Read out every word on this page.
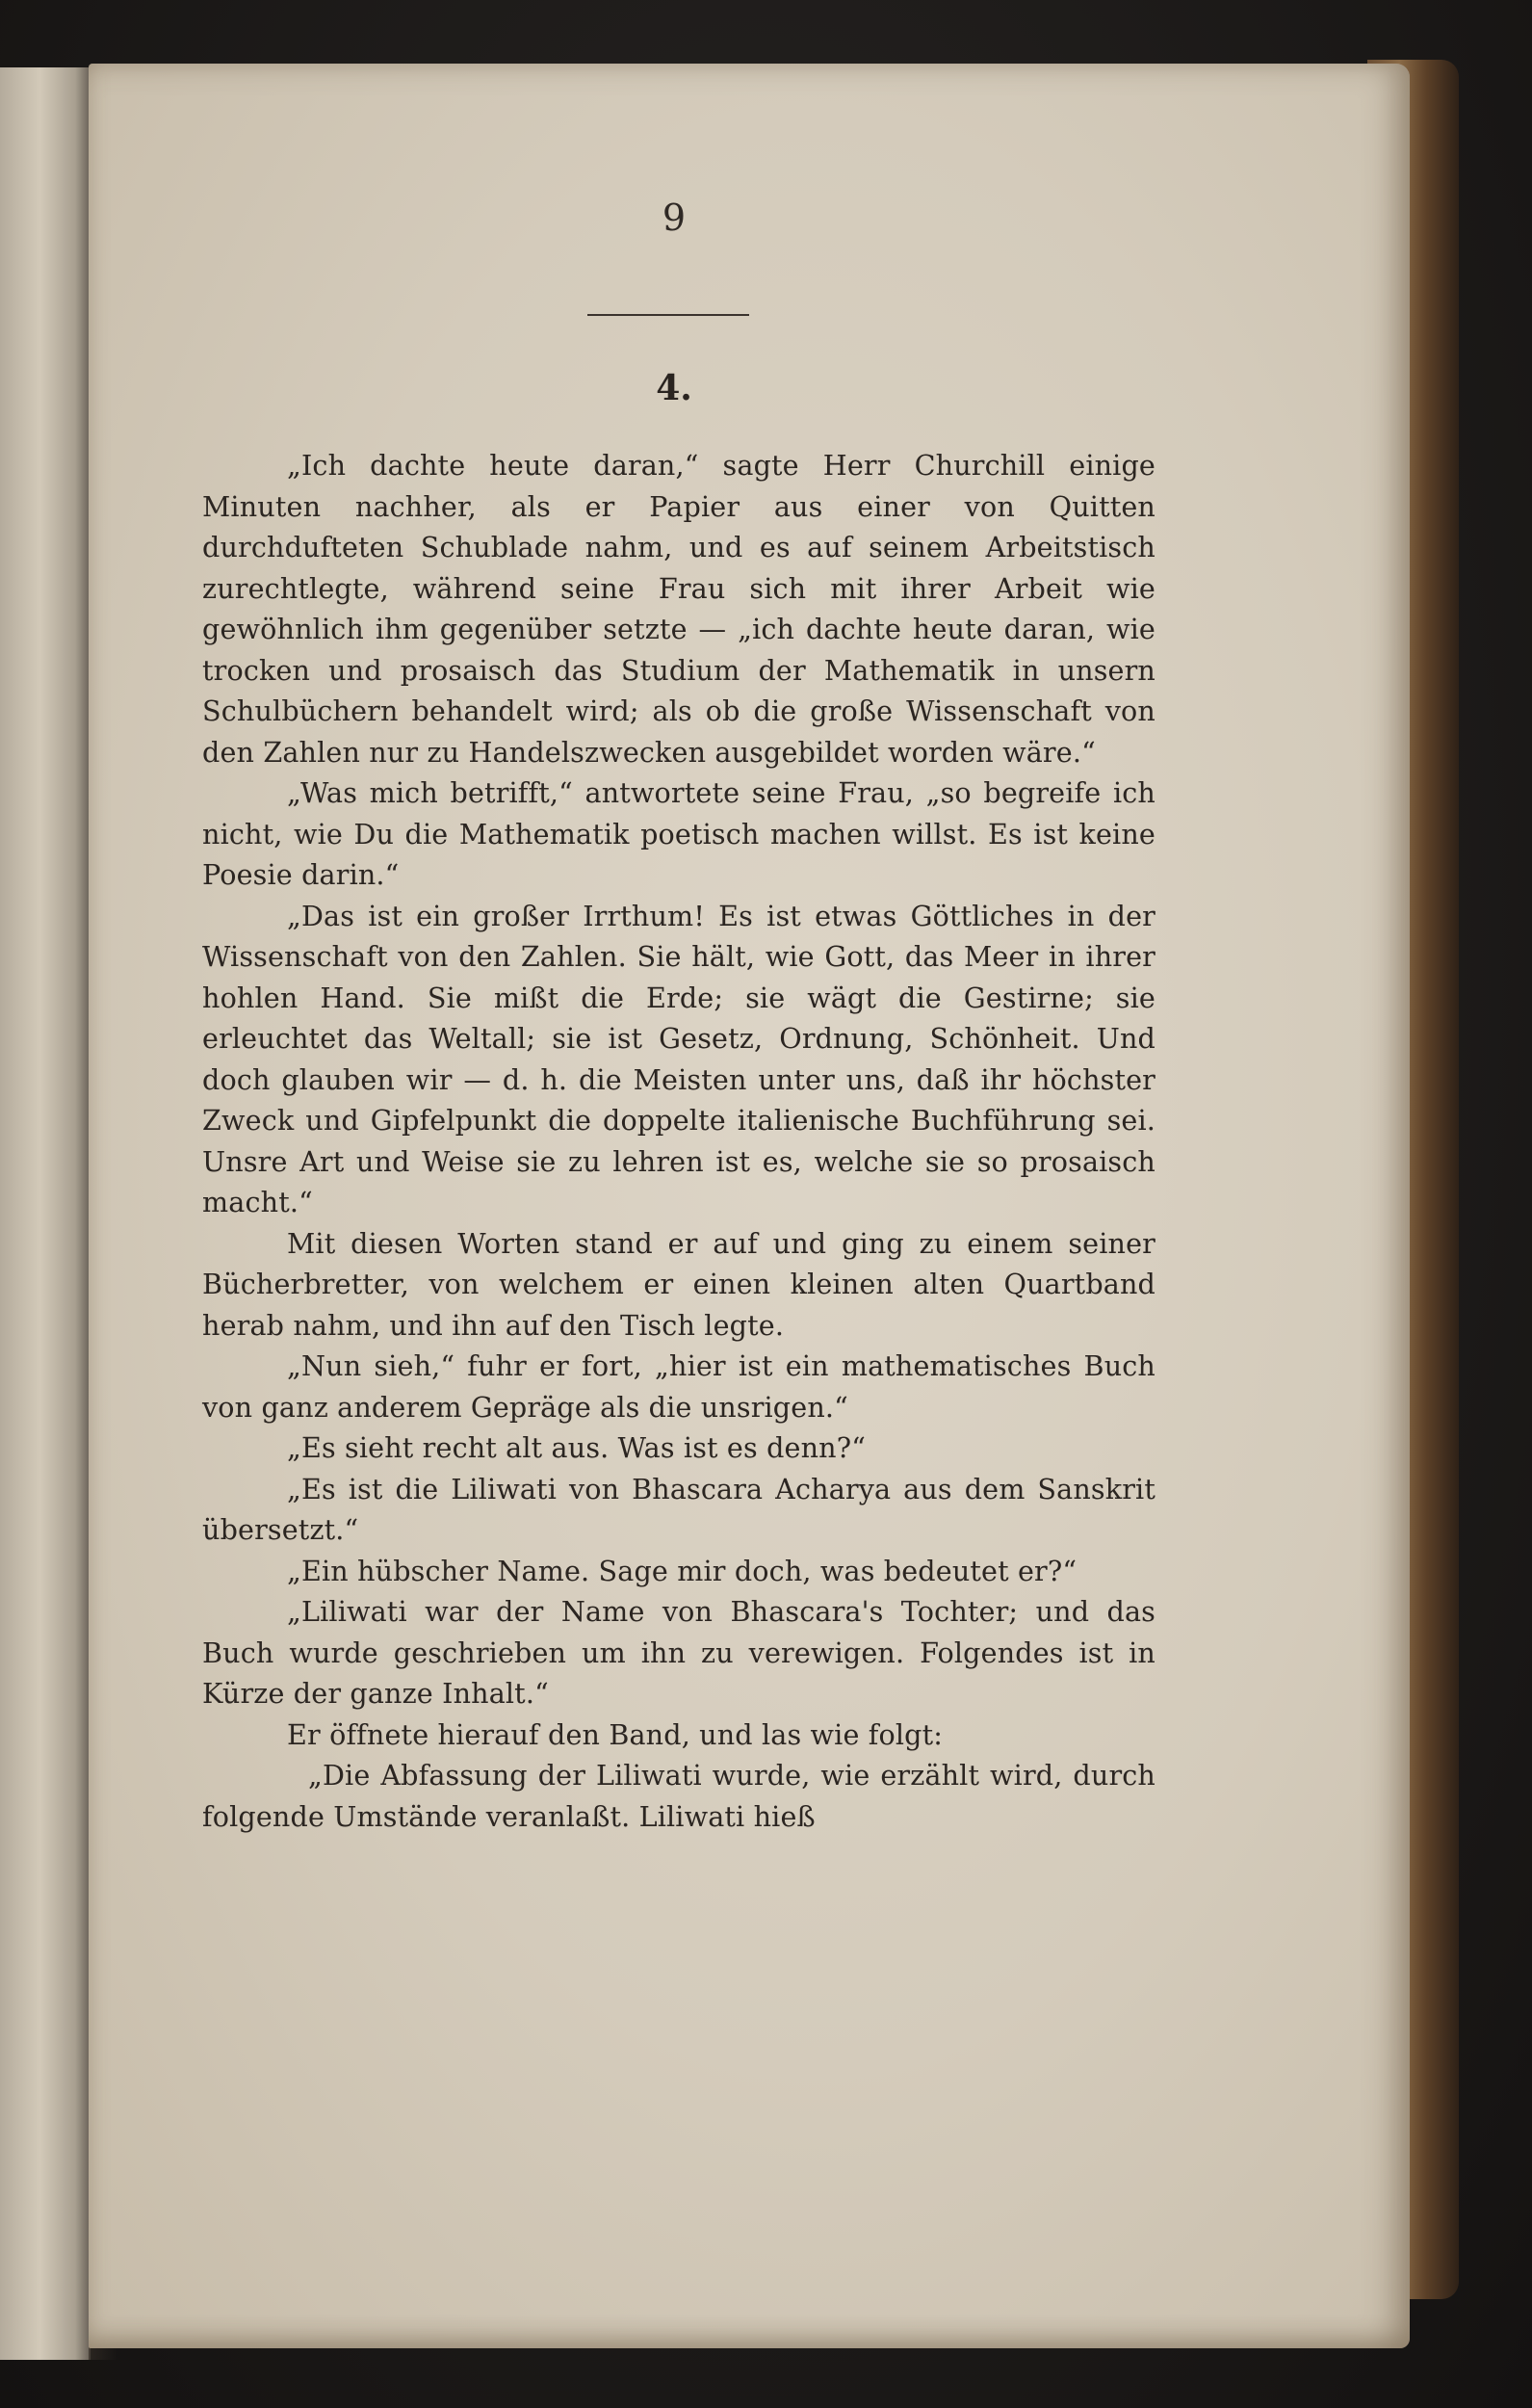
9
4.

„Ich dachte heute daran,“ sagte Herr Churchill einige Minuten nachher, als er Papier aus einer von Quitten durchdufteten Schublade nahm, und es auf seinem Arbeitstisch zurechtlegte, während seine Frau sich mit ihrer Arbeit wie gewöhnlich ihm gegenüber setzte — „ich dachte heute daran, wie trocken und prosaisch das Studium der Mathematik in unsern Schulbüchern behandelt wird; als ob die große Wissenschaft von den Zahlen nur zu Handelszwecken ausgebildet worden wäre.“

„Was mich betrifft,“ antwortete seine Frau, „so begreife ich nicht, wie Du die Mathematik poetisch machen willst. Es ist keine Poesie darin.“

„Das ist ein großer Irrthum! Es ist etwas Göttliches in der Wissenschaft von den Zahlen. Sie hält, wie Gott, das Meer in ihrer hohlen Hand. Sie mißt die Erde; sie wägt die Gestirne; sie erleuchtet das Weltall; sie ist Gesetz, Ordnung, Schönheit. Und doch glauben wir — d. h. die Meisten unter uns, daß ihr höchster Zweck und Gipfelpunkt die doppelte italienische Buchführung sei. Unsre Art und Weise sie zu lehren ist es, welche sie so prosaisch macht.“

Mit diesen Worten stand er auf und ging zu einem seiner Bücherbretter, von welchem er einen kleinen alten Quartband herab nahm, und ihn auf den Tisch legte.

„Nun sieh,“ fuhr er fort, „hier ist ein mathematisches Buch von ganz anderem Gepräge als die unsrigen.“

„Es sieht recht alt aus. Was ist es denn?“

„Es ist die Liliwati von Bhascara Acharya aus dem Sanskrit übersetzt.“

„Ein hübscher Name. Sage mir doch, was bedeutet er?“

„Liliwati war der Name von Bhascara's Tochter; und das Buch wurde geschrieben um ihn zu verewigen. Folgendes ist in Kürze der ganze Inhalt.“

Er öffnete hierauf den Band, und las wie folgt:

„Die Abfassung der Liliwati wurde, wie erzählt wird, durch folgende Umstände veranlaßt. Liliwati hieß
